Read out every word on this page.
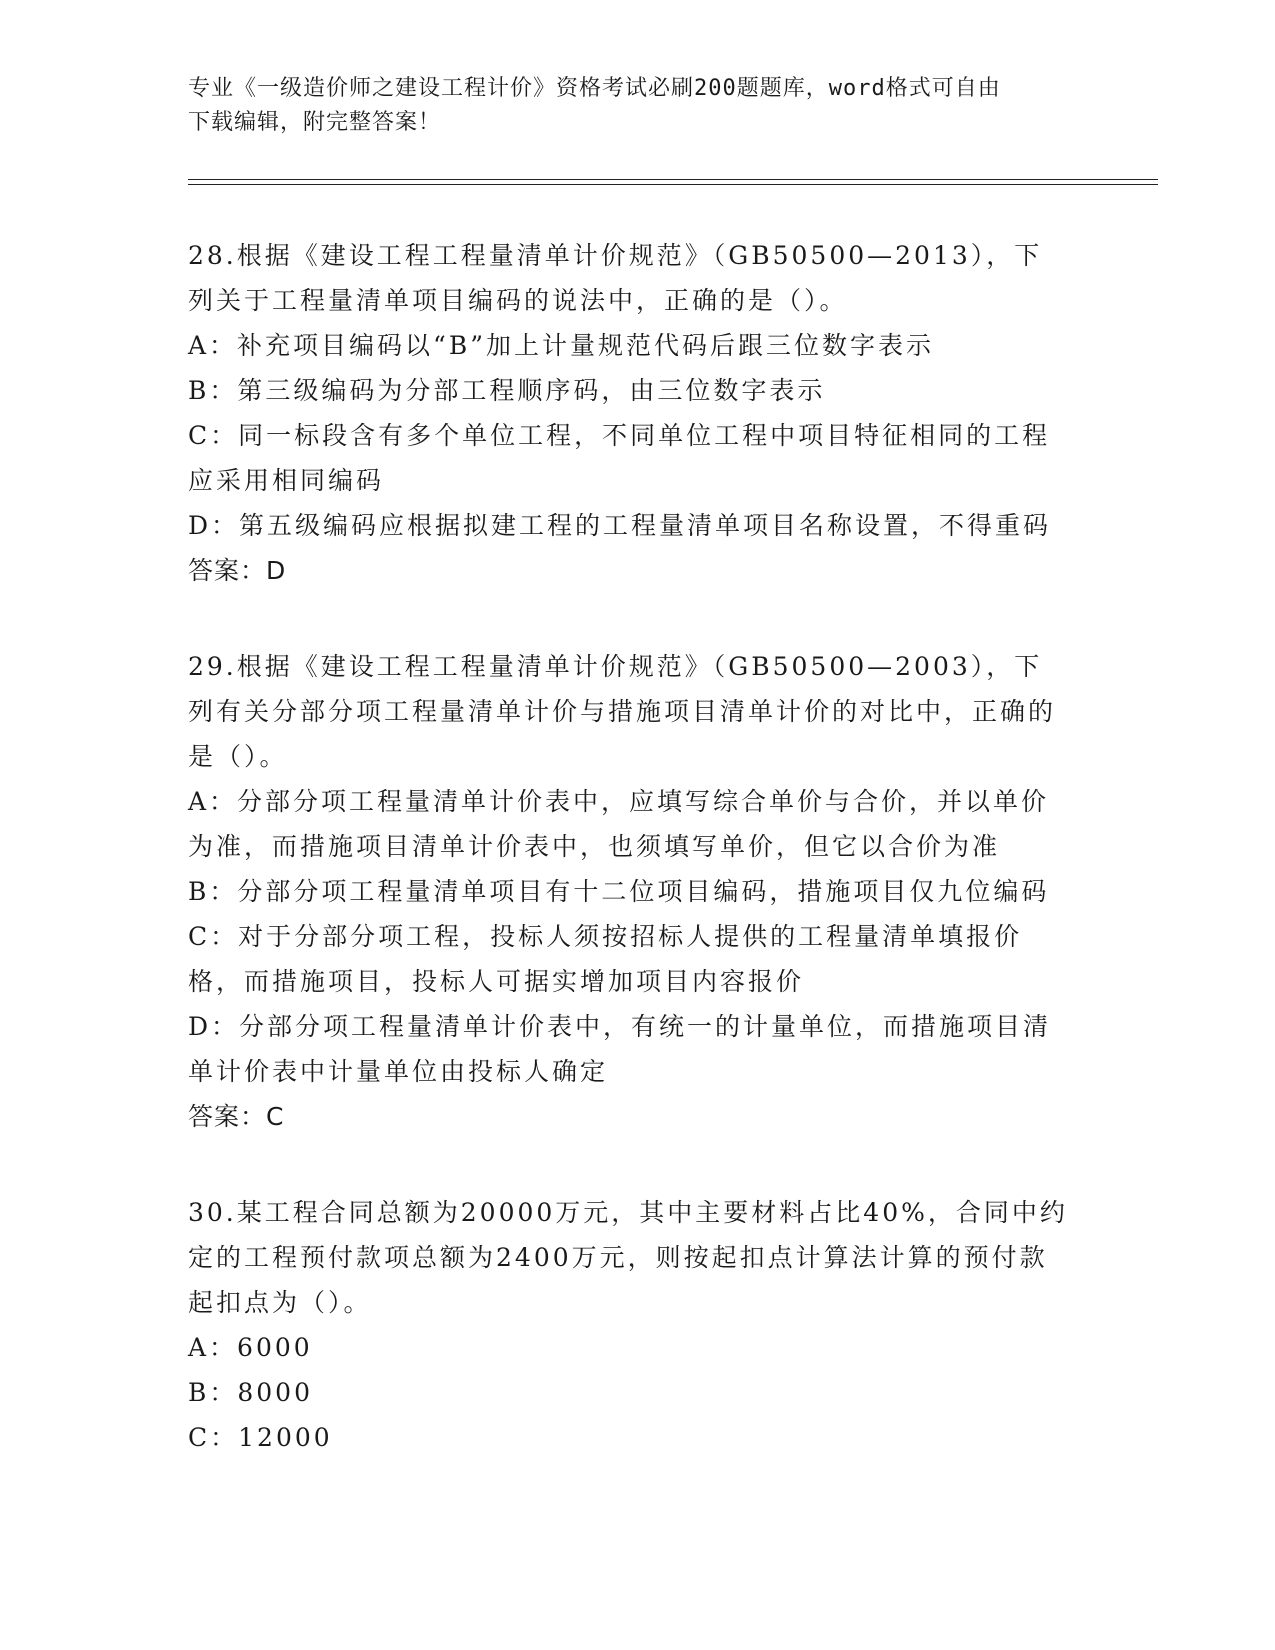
专业《一级造价师之建设工程计价》资格考试必刷200题题库，word格式可自由
下载编辑，附完整答案！

28.根据《建设工程工程量清单计价规范》（GB50500—2013），下列关于工程量清单项目编码的说法中，正确的是（）。

A：补充项目编码以“B”加上计量规范代码后跟三位数字表示

B：第三级编码为分部工程顺序码，由三位数字表示

C：同一标段含有多个单位工程，不同单位工程中项目特征相同的工程应采用相同编码

D：第五级编码应根据拟建工程的工程量清单项目名称设置，不得重码

答案：D

29.根据《建设工程工程量清单计价规范》（GB50500—2003），下列有关分部分项工程量清单计价与措施项目清单计价的对比中，正确的是（）。

A：分部分项工程量清单计价表中，应填写综合单价与合价，并以单价为准，而措施项目清单计价表中，也须填写单价，但它以合价为准

B：分部分项工程量清单项目有十二位项目编码，措施项目仅九位编码

C：对于分部分项工程，投标人须按招标人提供的工程量清单填报价格，而措施项目，投标人可据实增加项目内容报价

D：分部分项工程量清单计价表中，有统一的计量单位，而措施项目清单计价表中计量单位由投标人确定

答案：C

30.某工程合同总额为20000万元，其中主要材料占比40%，合同中约定的工程预付款项总额为2400万元，则按起扣点计算法计算的预付款起扣点为（）。

A：6000

B：8000

C：12000
